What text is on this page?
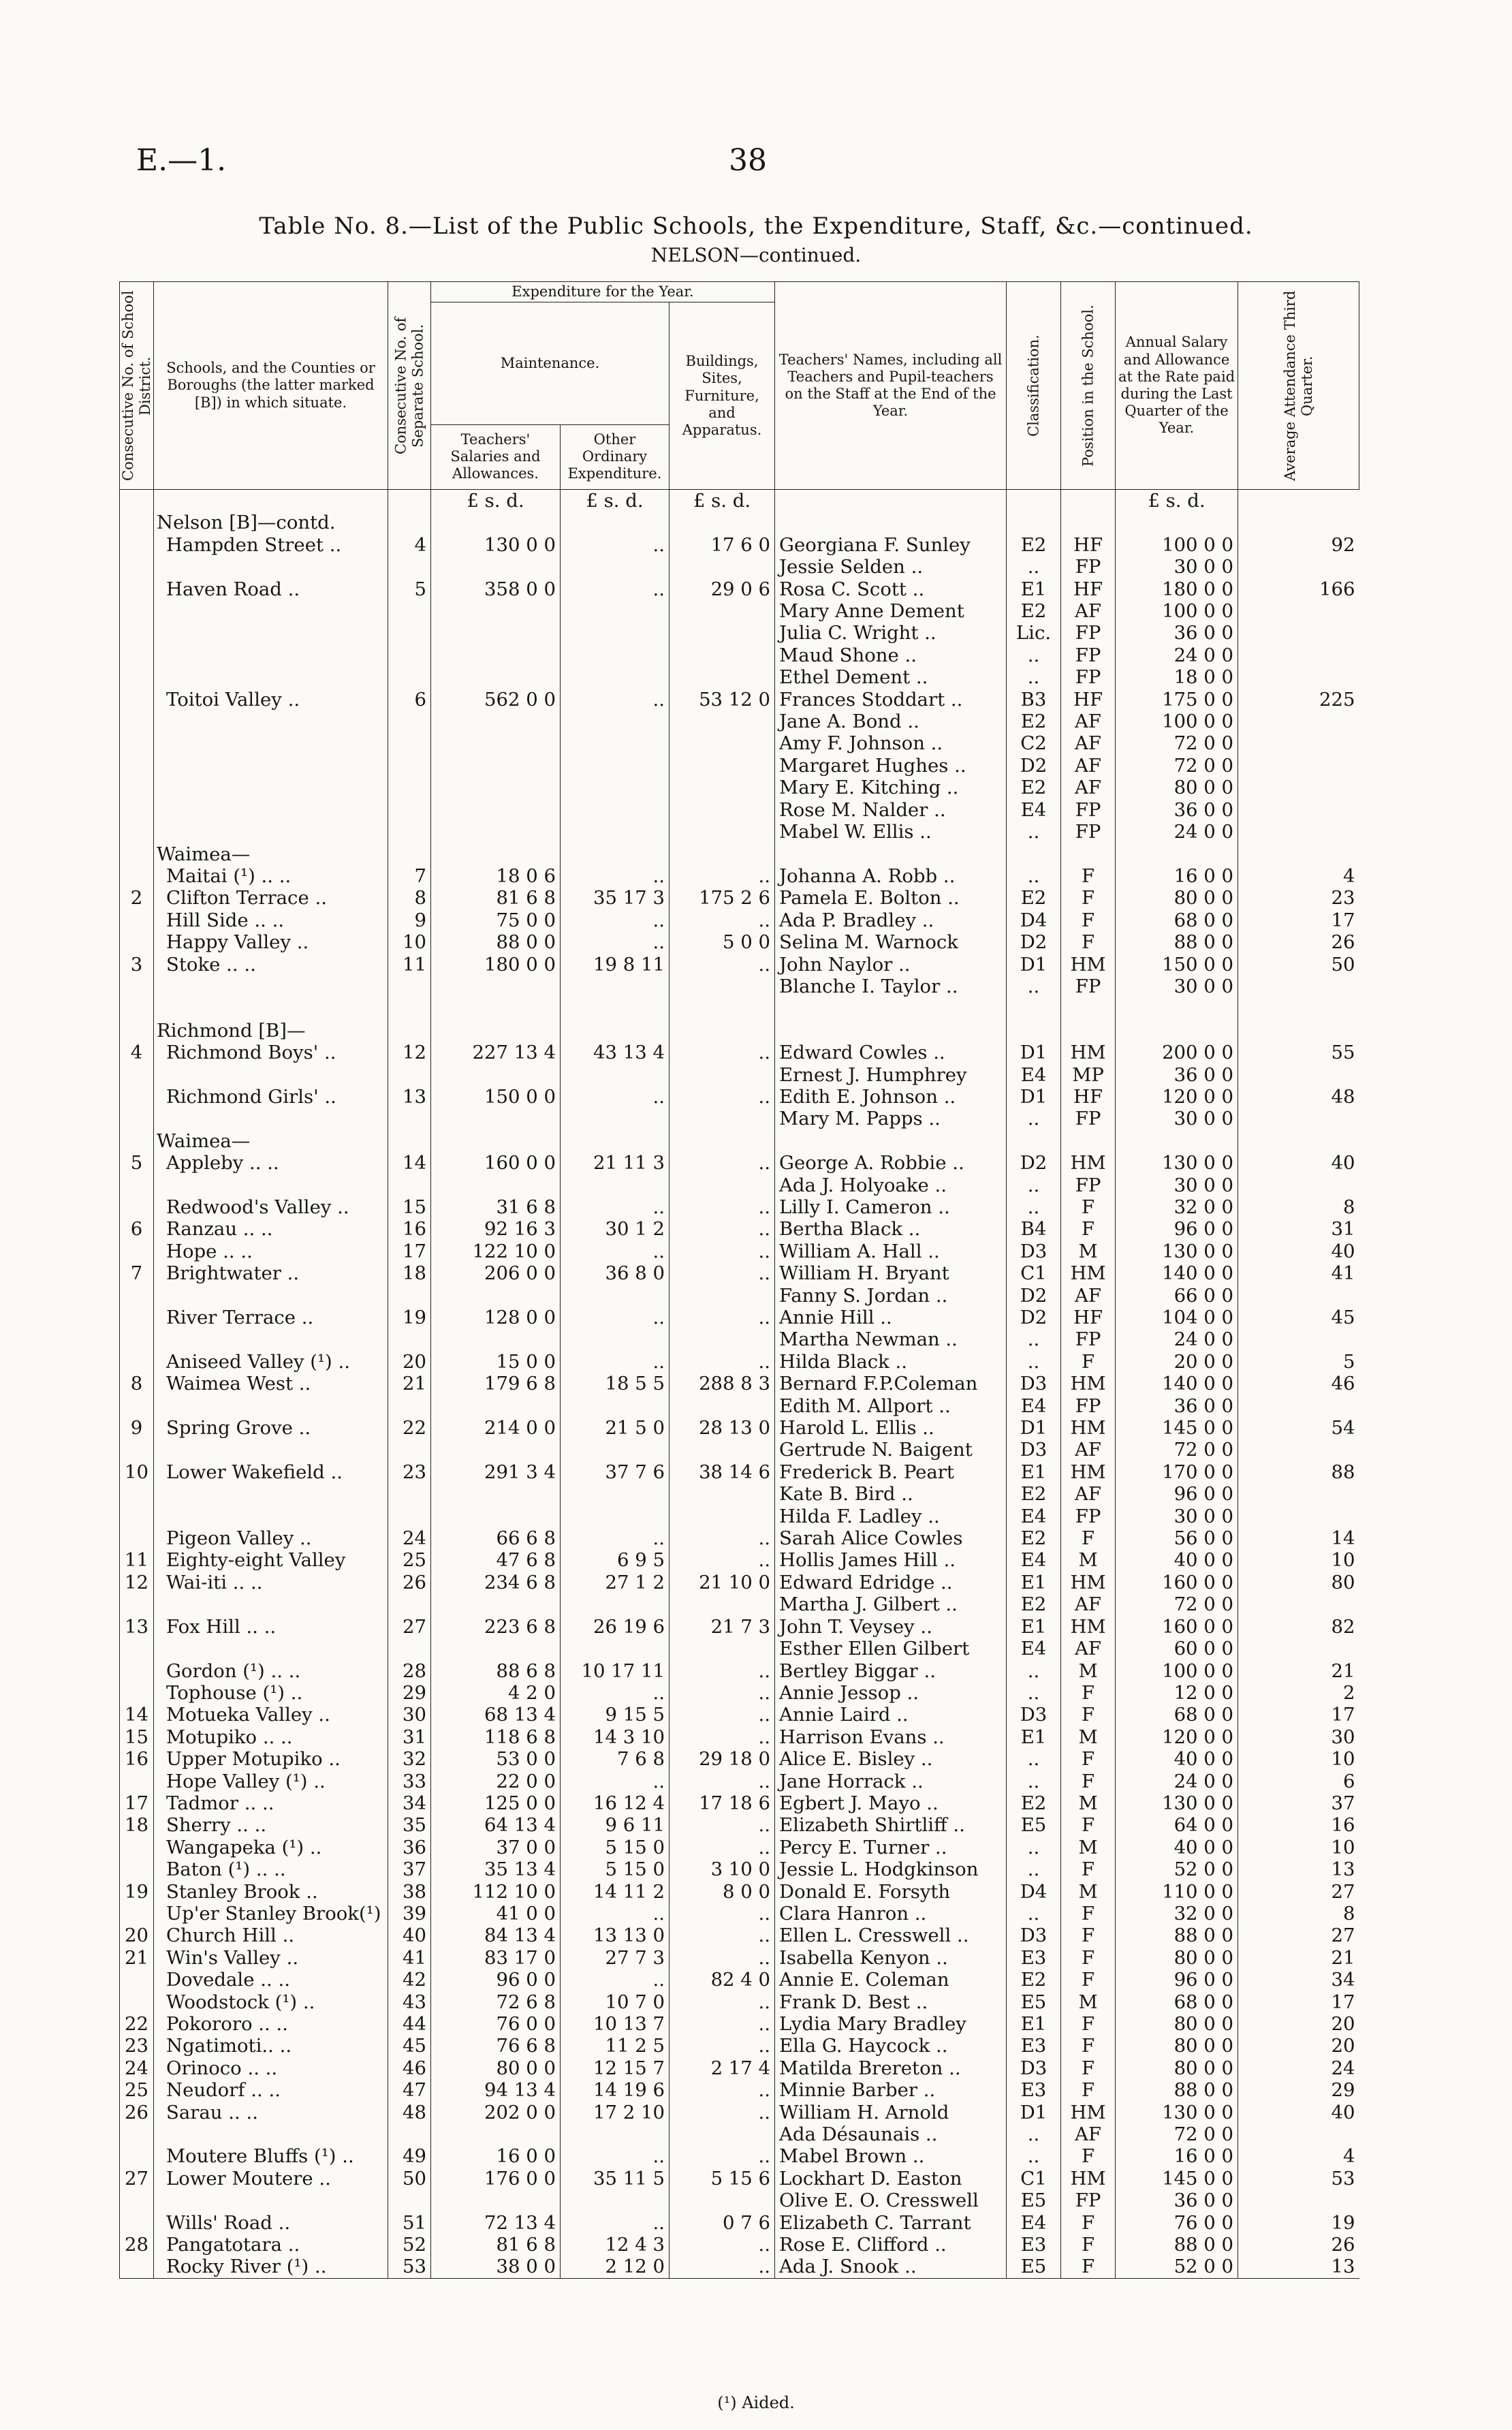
E.—1.	38
Table No. 8.—List of the Public Schools, the Expenditure, Staff, &c.—continued.
NELSON—continued.
Consecutive No. of School District.	Schools, and the Counties or Boroughs (the latter marked [B]) in which situate.	Consecutive No. of Separate School.	Expenditure for the Year.			Teachers' Names, including all Teachers and Pupil-teachers on the Staff at the End of the Year.	Classification.	Position in the School.	Annual Salary and Allowance at the Rate paid during the Last Quarter of the Year.	Average Attendance Third Quarter.
			Maintenance.		Buildings, Sites, Furniture, and Apparatus.					
			Teachers' Salaries and Allowances.	Other Ordinary Expenditure.						
			£ s. d.	£ s. d.	£ s. d.				£ s. d.	
	Nelson [B]—contd.									
	Hampden Street ..	4	130 0 0	..	17 6 0	Georgiana F. Sunley	E2	HF	100 0 0	92
						Jessie Selden ..	..	FP	30 0 0	
	Haven Road ..	5	358 0 0	..	29 0 6	Rosa C. Scott ..	E1	HF	180 0 0	166
						Mary Anne Dement	E2	AF	100 0 0	
						Julia C. Wright ..	Lic.	FP	36 0 0	
						Maud Shone ..	..	FP	24 0 0	
						Ethel Dement ..	..	FP	18 0 0	
	Toitoi Valley ..	6	562 0 0	..	53 12 0	Frances Stoddart ..	B3	HF	175 0 0	225
						Jane A. Bond ..	E2	AF	100 0 0	
						Amy F. Johnson ..	C2	AF	72 0 0	
						Margaret Hughes ..	D2	AF	72 0 0	
						Mary E. Kitching ..	E2	AF	80 0 0	
						Rose M. Nalder ..	E4	FP	36 0 0	
						Mabel W. Ellis ..	..	FP	24 0 0	
	Waimea—									
	Maitai (¹) .. ..	7	18 0 6	..	..	Johanna A. Robb ..	..	F	16 0 0	4
2	Clifton Terrace ..	8	81 6 8	35 17 3	175 2 6	Pamela E. Bolton ..	E2	F	80 0 0	23
	Hill Side .. ..	9	75 0 0	..	..	Ada P. Bradley ..	D4	F	68 0 0	17
	Happy Valley ..	10	88 0 0	..	5 0 0	Selina M. Warnock	D2	F	88 0 0	26
3	Stoke .. ..	11	180 0 0	19 8 11	..	John Naylor ..	D1	HM	150 0 0	50
						Blanche I. Taylor ..	..	FP	30 0 0	

	Richmond [B]—									
4	Richmond Boys' ..	12	227 13 4	43 13 4	..	Edward Cowles ..	D1	HM	200 0 0	55
						Ernest J. Humphrey	E4	MP	36 0 0	
	Richmond Girls' ..	13	150 0 0	..	..	Edith E. Johnson ..	D1	HF	120 0 0	48
						Mary M. Papps ..	..	FP	30 0 0	
	Waimea—									
5	Appleby .. ..	14	160 0 0	21 11 3	..	George A. Robbie ..	D2	HM	130 0 0	40
						Ada J. Holyoake ..	..	FP	30 0 0	
	Redwood's Valley ..	15	31 6 8	..	..	Lilly I. Cameron ..	..	F	32 0 0	8
6	Ranzau .. ..	16	92 16 3	30 1 2	..	Bertha Black ..	B4	F	96 0 0	31
	Hope .. ..	17	122 10 0	..	..	William A. Hall ..	D3	M	130 0 0	40
7	Brightwater ..	18	206 0 0	36 8 0	..	William H. Bryant	C1	HM	140 0 0	41
						Fanny S. Jordan ..	D2	AF	66 0 0	
	River Terrace ..	19	128 0 0	..	..	Annie Hill ..	D2	HF	104 0 0	45
						Martha Newman ..	..	FP	24 0 0	
	Aniseed Valley (¹) ..	20	15 0 0	..	..	Hilda Black ..	..	F	20 0 0	5
8	Waimea West ..	21	179 6 8	18 5 5	288 8 3	Bernard F.P.Coleman	D3	HM	140 0 0	46
						Edith M. Allport ..	E4	FP	36 0 0	
9	Spring Grove ..	22	214 0 0	21 5 0	28 13 0	Harold L. Ellis ..	D1	HM	145 0 0	54
						Gertrude N. Baigent	D3	AF	72 0 0	
10	Lower Wakefield ..	23	291 3 4	37 7 6	38 14 6	Frederick B. Peart	E1	HM	170 0 0	88
						Kate B. Bird ..	E2	AF	96 0 0	
						Hilda F. Ladley ..	E4	FP	30 0 0	
	Pigeon Valley ..	24	66 6 8	..	..	Sarah Alice Cowles	E2	F	56 0 0	14
11	Eighty-eight Valley	25	47 6 8	6 9 5	..	Hollis James Hill ..	E4	M	40 0 0	10
12	Wai-iti .. ..	26	234 6 8	27 1 2	21 10 0	Edward Edridge ..	E1	HM	160 0 0	80
						Martha J. Gilbert ..	E2	AF	72 0 0	
13	Fox Hill .. ..	27	223 6 8	26 19 6	21 7 3	John T. Veysey ..	E1	HM	160 0 0	82
						Esther Ellen Gilbert	E4	AF	60 0 0	
	Gordon (¹) .. ..	28	88 6 8	10 17 11	..	Bertley Biggar ..	..	M	100 0 0	21
	Tophouse (¹) ..	29	4 2 0	..	..	Annie Jessop ..	..	F	12 0 0	2
14	Motueka Valley ..	30	68 13 4	9 15 5	..	Annie Laird ..	D3	F	68 0 0	17
15	Motupiko .. ..	31	118 6 8	14 3 10	..	Harrison Evans ..	E1	M	120 0 0	30
16	Upper Motupiko ..	32	53 0 0	7 6 8	29 18 0	Alice E. Bisley ..	..	F	40 0 0	10
	Hope Valley (¹) ..	33	22 0 0	..	..	Jane Horrack ..	..	F	24 0 0	6
17	Tadmor .. ..	34	125 0 0	16 12 4	17 18 6	Egbert J. Mayo ..	E2	M	130 0 0	37
18	Sherry .. ..	35	64 13 4	9 6 11	..	Elizabeth Shirtliff ..	E5	F	64 0 0	16
	Wangapeka (¹) ..	36	37 0 0	5 15 0	..	Percy E. Turner ..	..	M	40 0 0	10
	Baton (¹) .. ..	37	35 13 4	5 15 0	3 10 0	Jessie L. Hodgkinson	..	F	52 0 0	13
19	Stanley Brook ..	38	112 10 0	14 11 2	8 0 0	Donald E. Forsyth	D4	M	110 0 0	27
	Up'er Stanley Brook(¹)	39	41 0 0	..	..	Clara Hanron ..	..	F	32 0 0	8
20	Church Hill ..	40	84 13 4	13 13 0	..	Ellen L. Cresswell ..	D3	F	88 0 0	27
21	Win's Valley ..	41	83 17 0	27 7 3	..	Isabella Kenyon ..	E3	F	80 0 0	21
	Dovedale .. ..	42	96 0 0	..	82 4 0	Annie E. Coleman	E2	F	96 0 0	34
	Woodstock (¹) ..	43	72 6 8	10 7 0	..	Frank D. Best ..	E5	M	68 0 0	17
22	Pokororo .. ..	44	76 0 0	10 13 7	..	Lydia Mary Bradley	E1	F	80 0 0	20
23	Ngatimoti.. ..	45	76 6 8	11 2 5	..	Ella G. Haycock ..	E3	F	80 0 0	20
24	Orinoco .. ..	46	80 0 0	12 15 7	2 17 4	Matilda Brereton ..	D3	F	80 0 0	24
25	Neudorf .. ..	47	94 13 4	14 19 6	..	Minnie Barber ..	E3	F	88 0 0	29
26	Sarau .. ..	48	202 0 0	17 2 10	..	William H. Arnold	D1	HM	130 0 0	40
						Ada Désaunais ..	..	AF	72 0 0	
	Moutere Bluffs (¹) ..	49	16 0 0	..	..	Mabel Brown ..	..	F	16 0 0	4
27	Lower Moutere ..	50	176 0 0	35 11 5	5 15 6	Lockhart D. Easton	C1	HM	145 0 0	53
						Olive E. O. Cresswell	E5	FP	36 0 0	
	Wills' Road ..	51	72 13 4	..	0 7 6	Elizabeth C. Tarrant	E4	F	76 0 0	19
28	Pangatotara ..	52	81 6 8	12 4 3	..	Rose E. Clifford ..	E3	F	88 0 0	26
	Rocky River (¹) ..	53	38 0 0	2 12 0	..	Ada J. Snook ..	E5	F	52 0 0	13
(¹) Aided.
